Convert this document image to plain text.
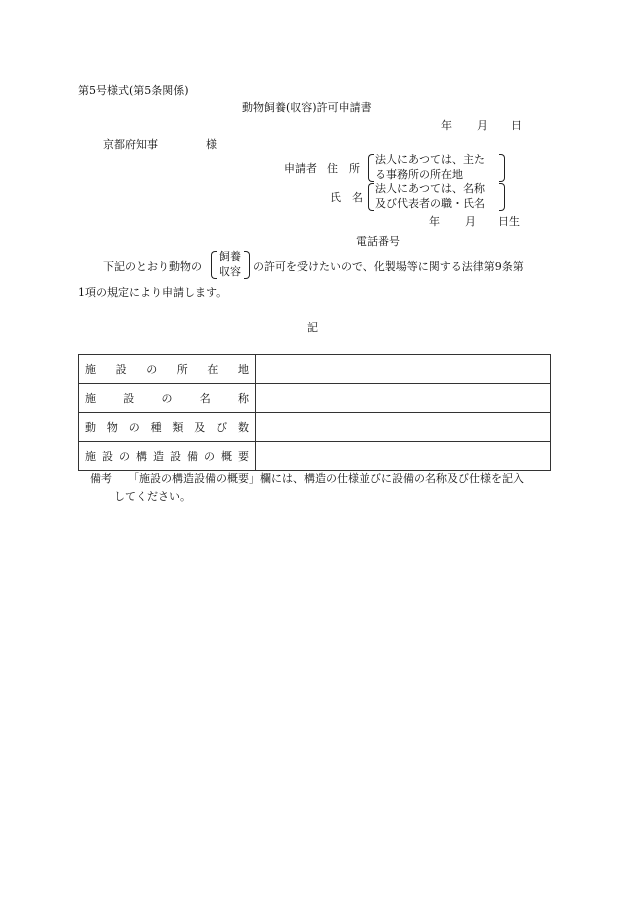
第5号様式(第5条関係)
動物飼養(収容)許可申請書
年 月 日
京都府知事	様
申請者 住　所
法人にあつては、主た
る事務所の所在地
氏　名
法人にあつては、名称
及び代表者の職・氏名
年 月 日生
電話番号
下記のとおり動物の
飼養
収容 の許可を受けたいので、化製場等に関する法律第9条第
1項の規定により申請します。
記
施設の所在地	
施設の名称	
動物の種類及び数	
施設の構造設備の概要	
備考 「施設の構造設備の概要」欄には、構造の仕様並びに設備の名称及び仕様を記入
してください。
